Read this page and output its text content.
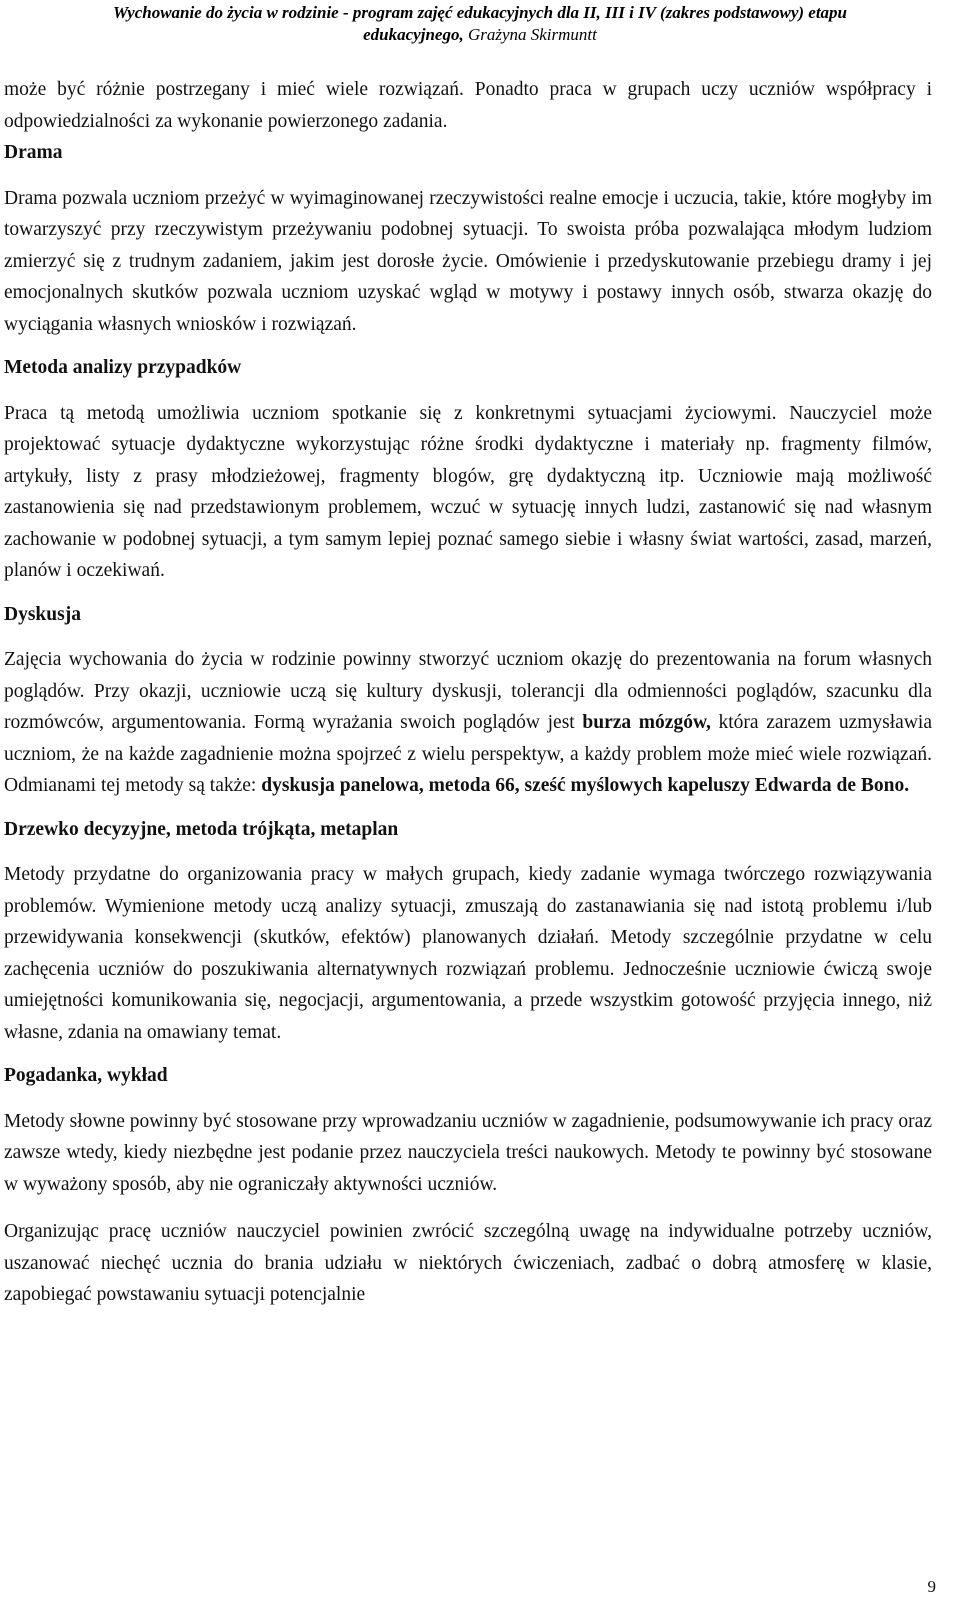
Wychowanie do życia w rodzinie - program zajęć edukacyjnych dla II, III i IV (zakres podstawowy) etapu
edukacyjnego, Grażyna Skirmuntt

może być różnie postrzegany i mieć wiele rozwiązań. Ponadto praca w grupach uczy uczniów współpracy i odpowiedzialności za wykonanie powierzonego zadania.

Drama

Drama pozwala uczniom przeżyć w wyimaginowanej rzeczywistości realne emocje i uczucia, takie, które mogłyby im towarzyszyć przy rzeczywistym przeżywaniu podobnej sytuacji. To swoista próba pozwalająca młodym ludziom zmierzyć się z trudnym zadaniem, jakim jest dorosłe życie. Omówienie i przedyskutowanie przebiegu dramy i jej emocjonalnych skutków pozwala uczniom uzyskać wgląd w motywy i postawy innych osób, stwarza okazję do wyciągania własnych wniosków i rozwiązań.

Metoda analizy przypadków

Praca tą metodą umożliwia uczniom spotkanie się z konkretnymi sytuacjami życiowymi. Nauczyciel może projektować sytuacje dydaktyczne wykorzystując różne środki dydaktyczne i materiały np. fragmenty filmów, artykuły, listy z prasy młodzieżowej, fragmenty blogów, grę dydaktyczną itp. Uczniowie mają możliwość zastanowienia się nad przedstawionym problemem, wczuć w sytuację innych ludzi, zastanowić się nad własnym zachowanie w podobnej sytuacji, a tym samym lepiej poznać samego siebie i własny świat wartości, zasad, marzeń, planów i oczekiwań.

Dyskusja

Zajęcia wychowania do życia w rodzinie powinny stworzyć uczniom okazję do prezentowania na forum własnych poglądów. Przy okazji, uczniowie uczą się kultury dyskusji, tolerancji dla odmienności poglądów, szacunku dla rozmówców, argumentowania. Formą wyrażania swoich poglądów jest burza mózgów, która zarazem uzmysławia uczniom, że na każde zagadnienie można spojrzeć z wielu perspektyw, a każdy problem może mieć wiele rozwiązań. Odmianami tej metody są także: dyskusja panelowa, metoda 66, sześć myślowych kapeluszy Edwarda de Bono.

Drzewko decyzyjne, metoda trójkąta, metaplan

Metody przydatne do organizowania pracy w małych grupach, kiedy zadanie wymaga twórczego rozwiązywania problemów. Wymienione metody uczą analizy sytuacji, zmuszają do zastanawiania się nad istotą problemu i/lub przewidywania konsekwencji (skutków, efektów) planowanych działań. Metody szczególnie przydatne w celu zachęcenia uczniów do poszukiwania alternatywnych rozwiązań problemu. Jednocześnie uczniowie ćwiczą swoje umiejętności komunikowania się, negocjacji, argumentowania, a przede wszystkim gotowość przyjęcia innego, niż własne, zdania na omawiany temat.

Pogadanka, wykład

Metody słowne powinny być stosowane przy wprowadzaniu uczniów w zagadnienie, podsumowywanie ich pracy oraz zawsze wtedy, kiedy niezbędne jest podanie przez nauczyciela treści naukowych. Metody te powinny być stosowane w wyważony sposób, aby nie ograniczały aktywności uczniów.

Organizując pracę uczniów nauczyciel powinien zwrócić szczególną uwagę na indywidualne potrzeby uczniów, uszanować niechęć ucznia do brania udziału w niektórych ćwiczeniach, zadbać o dobrą atmosferę w klasie, zapobiegać powstawaniu sytuacji potencjalnie

9
